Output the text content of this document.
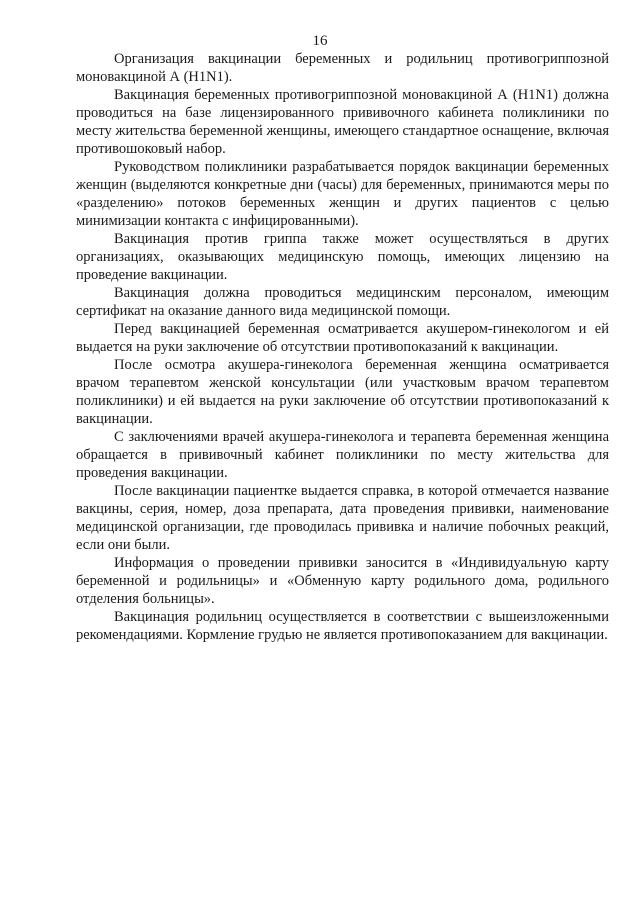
16

Организация вакцинации беременных и родильниц противогриппозной моновакциной А (H1N1).

Вакцинация беременных противогриппозной моновакциной А (H1N1) должна проводиться на базе лицензированного прививочного кабинета поликлиники по месту жительства беременной женщины, имеющего стандартное оснащение, включая противошоковый набор.

Руководством поликлиники разрабатывается порядок вакцинации беременных женщин (выделяются конкретные дни (часы) для беременных, принимаются меры по «разделению» потоков беременных женщин и других пациентов с целью минимизации контакта с инфицированными).

Вакцинация против гриппа также может осуществляться в других организациях, оказывающих медицинскую помощь, имеющих лицензию на проведение вакцинации.

Вакцинация должна проводиться медицинским персоналом, имеющим сертификат на оказание данного вида медицинской помощи.

Перед вакцинацией беременная осматривается акушером-гинекологом и ей выдается на руки заключение об отсутствии противопоказаний к вакцинации.

После осмотра акушера-гинеколога беременная женщина осматривается врачом терапевтом женской консультации (или участковым врачом терапевтом поликлиники) и ей выдается на руки заключение об отсутствии противопоказаний к вакцинации.

С заключениями врачей акушера-гинеколога и терапевта беременная женщина обращается в прививочный кабинет поликлиники по месту жительства для проведения вакцинации.

После вакцинации пациентке выдается справка, в которой отмечается название вакцины, серия, номер, доза препарата, дата проведения прививки, наименование медицинской организации, где проводилась прививка и наличие побочных реакций, если они были.

Информация о проведении прививки заносится в «Индивидуальную карту беременной и родильницы» и «Обменную карту родильного дома, родильного отделения больницы».

Вакцинация родильниц осуществляется в соответствии с вышеизложенными рекомендациями. Кормление грудью не является противопоказанием для вакцинации.
